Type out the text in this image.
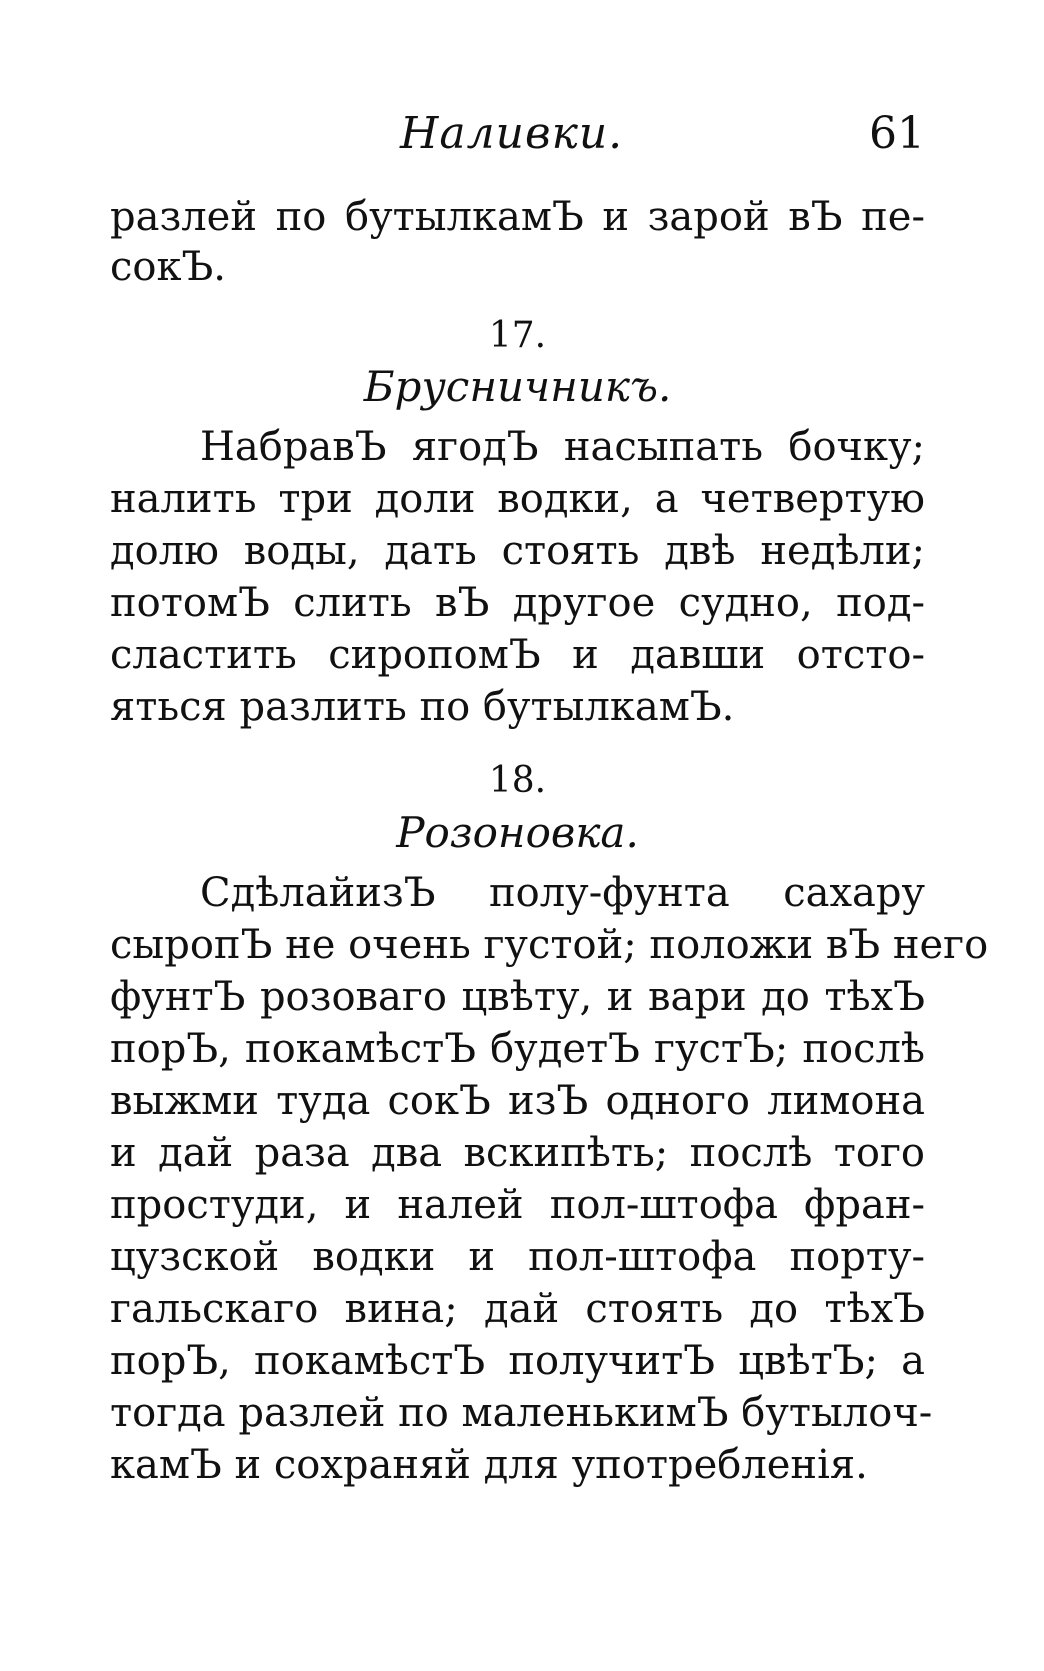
Наливки.	61
разлей по бутылкамЪ и зарой вЪ пе-
сокЪ.
17.
Брусничникъ.
НабравЪ ягодЪ насыпать бочку;
налить три доли водки, а четвертую
долю воды, дать стоять двѣ недѣли;
потомЪ слить вЪ другое судно, под-
сластить сиропомЪ и давши отсто-
яться разлить по бутылкамЪ.
18.
Розоновка.
СдѣлайизЪ полу-фунта сахару
сыропЪ не очень густой; положи вЪ него
фунтЪ розоваго цвѣту, и вари до тѣхЪ
порЪ, покамѣстЪ будетЪ густЪ; послѣ
выжми туда сокЪ изЪ одного лимона
и дай раза два вскипѣть; послѣ того
простуди, и налей пол-штофа фран-
цузской водки и пол-штофа порту-
гальскаго вина; дай стоять до тѣхЪ
порЪ, покамѣстЪ получитЪ цвѣтЪ; а
тогда разлей по маленькимЪ бутылоч-
камЪ и сохраняй для употребленія.
